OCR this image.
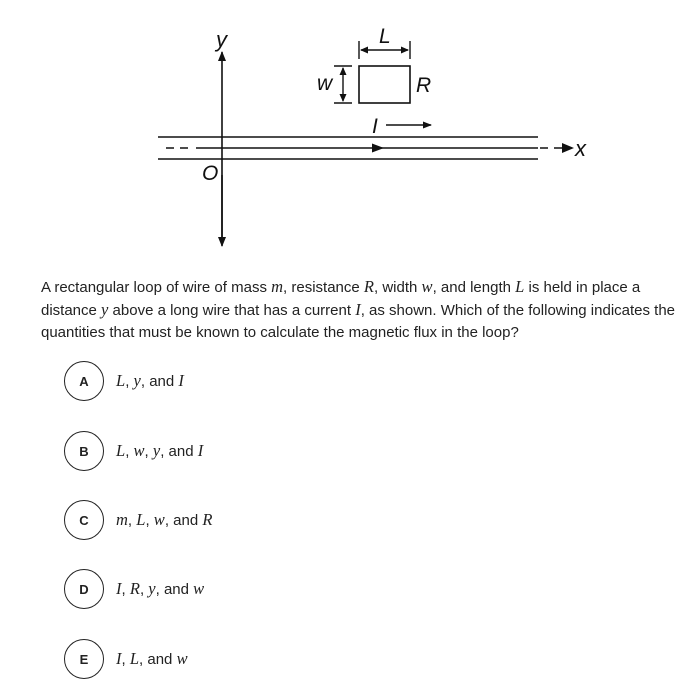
y
x
O
L
w	R
I

A rectangular loop of wire of mass m, resistance R, width w, and length L is held in place a distance y above a long wire that has a current I, as shown. Which of the following indicates the quantities that must be known to calculate the magnetic flux in the loop?

A	L, y, and I
B	L, w, y, and I
C	m, L, w, and R
D	I, R, y, and w
E	I, L, and w
